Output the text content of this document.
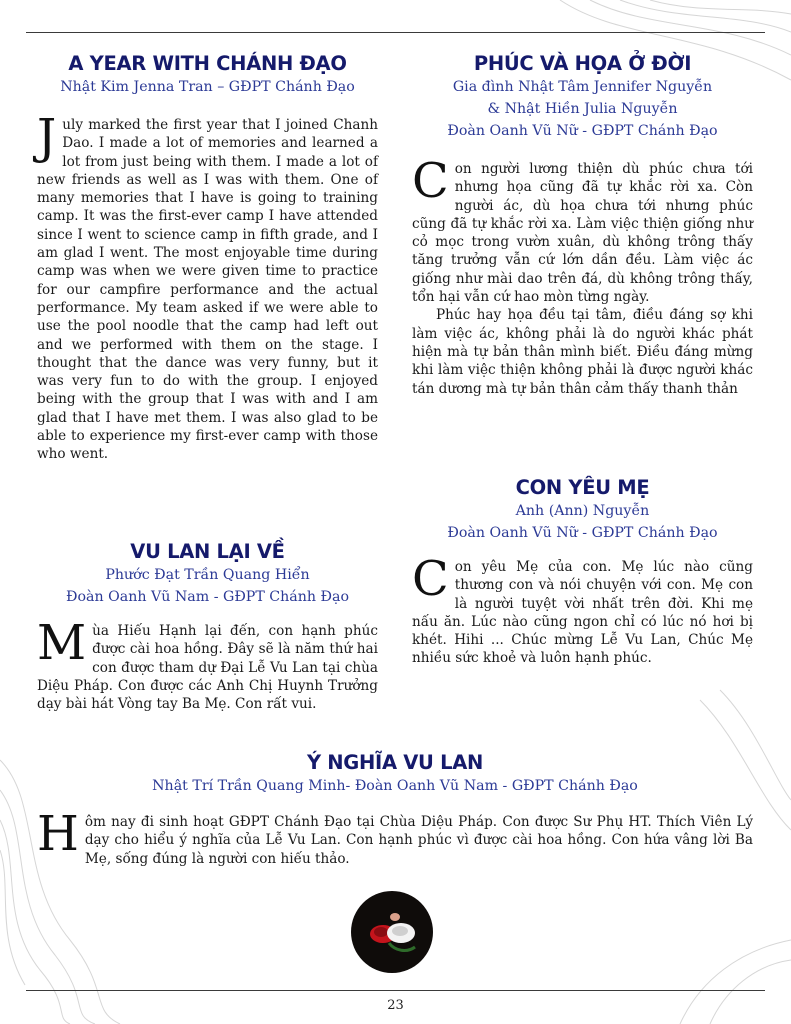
A YEAR WITH CHÁNH ĐẠO

Nhật Kim Jenna Tran – GĐPT Chánh Đạo

July marked the first year that I joined Chanh Dao. I made a lot of memories and learned a lot from just being with them. I made a lot of new friends as well as I was with them. One of many memories that I have is going to training camp. It was the first-ever camp I have attended since I went to science camp in fifth grade, and I am glad I went. The most enjoyable time during camp was when we were given time to practice for our campfire performance and the actual performance. My team asked if we were able to use the pool noodle that the camp had left out and we performed with them on the stage. I thought that the dance was very funny, but it was very fun to do with the group. I enjoyed being with the group that I was with and I am glad that I have met them. I was also glad to be able to experience my first-ever camp with those who went.

VU LAN LẠI VỀ

Phước Đạt Trần Quang Hiển

Đoàn Oanh Vũ Nam - GĐPT Chánh Đạo

Mùa Hiếu Hạnh lại đến, con hạnh phúc được cài hoa hồng. Đây sẽ là năm thứ hai con được tham dự Đại Lễ Vu Lan tại chùa Diệu Pháp. Con được các Anh Chị Huynh Trưởng dạy bài hát Vòng tay Ba Mẹ. Con rất vui.

PHÚC VÀ HỌA Ở ĐỜI

Gia đình Nhật Tâm Jennifer Nguyễn

& Nhật Hiền Julia Nguyễn

Đoàn Oanh Vũ Nữ - GĐPT Chánh Đạo

Con người lương thiện dù phúc chưa tới nhưng họa cũng đã tự khắc rời xa. Còn người ác, dù họa chưa tới nhưng phúc cũng đã tự khắc rời xa. Làm việc thiện giống như cỏ mọc trong vườn xuân, dù không trông thấy tăng trưởng vẫn cứ lớn dần đều. Làm việc ác giống như mài dao trên đá, dù không trông thấy, tổn hại vẫn cứ hao mòn từng ngày.

Phúc hay họa đều tại tâm, điều đáng sợ khi làm việc ác, không phải là do người khác phát hiện mà tự bản thân mình biết. Điều đáng mừng khi làm việc thiện không phải là được người khác tán dương mà tự bản thân cảm thấy thanh thản

CON YÊU MẸ

Anh (Ann) Nguyễn

Đoàn Oanh Vũ Nữ - GĐPT Chánh Đạo

Con yêu Mẹ của con. Mẹ lúc nào cũng thương con và nói chuyện với con. Mẹ con là người tuyệt vời nhất trên đời. Khi mẹ nấu ăn. Lúc nào cũng ngon chỉ có lúc nó hơi bị khét. Hihi ... Chúc mừng Lễ Vu Lan, Chúc Mẹ nhiều sức khoẻ và luôn hạnh phúc.

Ý NGHĨA VU LAN

Nhật Trí Trần Quang Minh- Đoàn Oanh Vũ Nam - GĐPT Chánh Đạo

Hôm nay đi sinh hoạt GĐPT Chánh Đạo tại Chùa Diệu Pháp. Con được Sư Phụ HT. Thích Viên Lý dạy cho hiểu ý nghĩa của Lễ Vu Lan. Con hạnh phúc vì được cài hoa hồng. Con hứa vâng lời Ba Mẹ, sống đúng là người con hiếu thảo.

23
